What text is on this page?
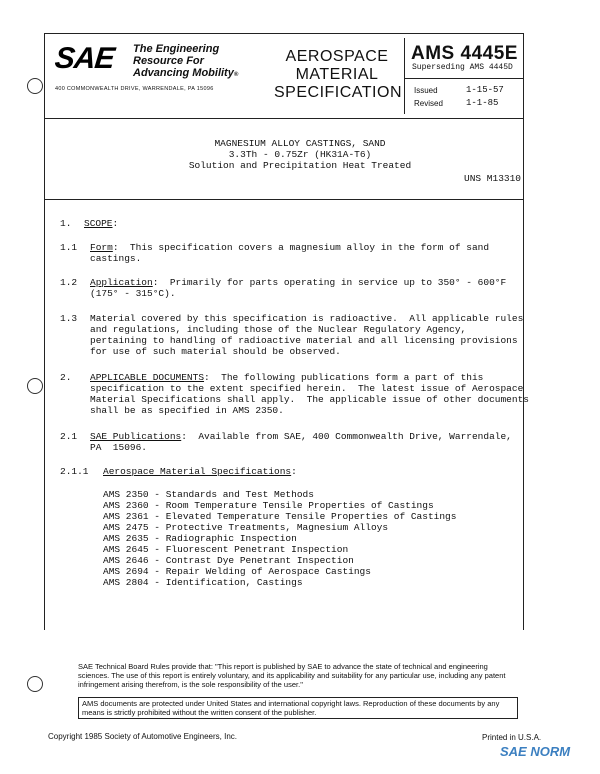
SAE The Engineering
Resource For
Advancing Mobility®
400 COMMONWEALTH DRIVE, WARRENDALE, PA 15096
AEROSPACE
MATERIAL
SPECIFICATION
AMS 4445E
Superseding AMS 4445D
Issued	1-15-57
Revised	1-1-85
MAGNESIUM ALLOY CASTINGS, SAND
3.3Th - 0.75Zr (HK31A-T6)
Solution and Precipitation Heat Treated
UNS M13310
1. SCOPE:
1.1 Form:  This specification covers a magnesium alloy in the form of sand
castings.
1.2 Application:  Primarily for parts operating in service up to 350° - 600°F
(175° - 315°C).
1.3 Material covered by this specification is radioactive.  All applicable rules
and regulations, including those of the Nuclear Regulatory Agency,
pertaining to handling of radioactive material and all licensing provisions
for use of such material should be observed.
2. APPLICABLE DOCUMENTS:  The following publications form a part of this
specification to the extent specified herein.  The latest issue of Aerospace
Material Specifications shall apply.  The applicable issue of other documents
shall be as specified in AMS 2350.
2.1 SAE Publications:  Available from SAE, 400 Commonwealth Drive, Warrendale,
PA  15096.
2.1.1 Aerospace Material Specifications:
AMS 2350 - Standards and Test Methods
AMS 2360 - Room Temperature Tensile Properties of Castings
AMS 2361 - Elevated Temperature Tensile Properties of Castings
AMS 2475 - Protective Treatments, Magnesium Alloys
AMS 2635 - Radiographic Inspection
AMS 2645 - Fluorescent Penetrant Inspection
AMS 2646 - Contrast Dye Penetrant Inspection
AMS 2694 - Repair Welding of Aerospace Castings
AMS 2804 - Identification, Castings
SAE Technical Board Rules provide that: "This report is published by SAE to advance the state of technical and engineering sciences. The use of this report is entirely voluntary, and its applicability and suitability for any particular use, including any patent infringement arising therefrom, is the sole responsibility of the user."
AMS documents are protected under United States and international copyright laws. Reproduction of these documents by any means is strictly prohibited without the written consent of the publisher.
Copyright 1985 Society of Automotive Engineers, Inc.	Printed in U.S.A.
SAE NORM
